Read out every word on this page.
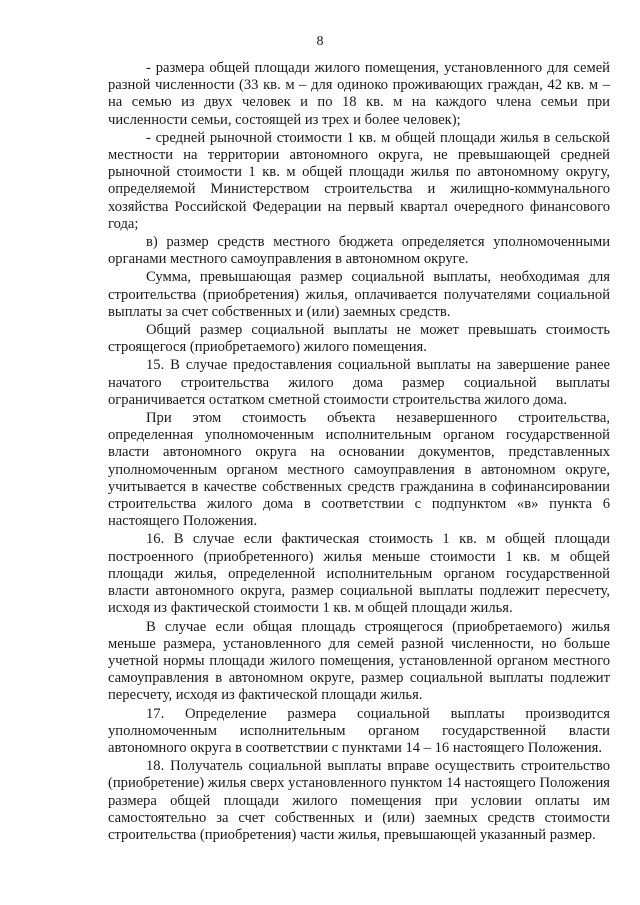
8

- размера общей площади жилого помещения, установленного для семей разной численности (33 кв. м – для одиноко проживающих граждан, 42 кв. м – на семью из двух человек и по 18 кв. м на каждого члена семьи при численности семьи, состоящей из трех и более человек);

- средней рыночной стоимости 1 кв. м общей площади жилья в сельской местности на территории автономного округа, не превышающей средней рыночной стоимости 1 кв. м общей площади жилья по автономному округу, определяемой Министерством строительства и жилищно-коммунального хозяйства Российской Федерации на первый квартал очередного финансового года;

в) размер средств местного бюджета определяется уполномоченными органами местного самоуправления в автономном округе.

Сумма, превышающая размер социальной выплаты, необходимая для строительства (приобретения) жилья, оплачивается получателями социальной выплаты за счет собственных и (или) заемных средств.

Общий размер социальной выплаты не может превышать стоимость строящегося (приобретаемого) жилого помещения.

15. В случае предоставления социальной выплаты на завершение ранее начатого строительства жилого дома размер социальной выплаты ограничивается остатком сметной стоимости строительства жилого дома.

При этом стоимость объекта незавершенного строительства, определенная уполномоченным исполнительным органом государственной власти автономного округа на основании документов, представленных уполномоченным органом местного самоуправления в автономном округе, учитывается в качестве собственных средств гражданина в софинансировании строительства жилого дома в соответствии с подпунктом «в» пункта 6 настоящего Положения.

16. В случае если фактическая стоимость 1 кв. м общей площади построенного (приобретенного) жилья меньше стоимости 1 кв. м общей площади жилья, определенной исполнительным органом государственной власти автономного округа, размер социальной выплаты подлежит пересчету, исходя из фактической стоимости 1 кв. м общей площади жилья.

В случае если общая площадь строящегося (приобретаемого) жилья меньше размера, установленного для семей разной численности, но больше учетной нормы площади жилого помещения, установленной органом местного самоуправления в автономном округе, размер социальной выплаты подлежит пересчету, исходя из фактической площади жилья.

17. Определение размера социальной выплаты производится уполномоченным исполнительным органом государственной власти автономного округа в соответствии с пунктами 14 – 16 настоящего Положения.

18. Получатель социальной выплаты вправе осуществить строительство (приобретение) жилья сверх установленного пунктом 14 настоящего Положения размера общей площади жилого помещения при условии оплаты им самостоятельно за счет собственных и (или) заемных средств стоимости строительства (приобретения) части жилья, превышающей указанный размер.
